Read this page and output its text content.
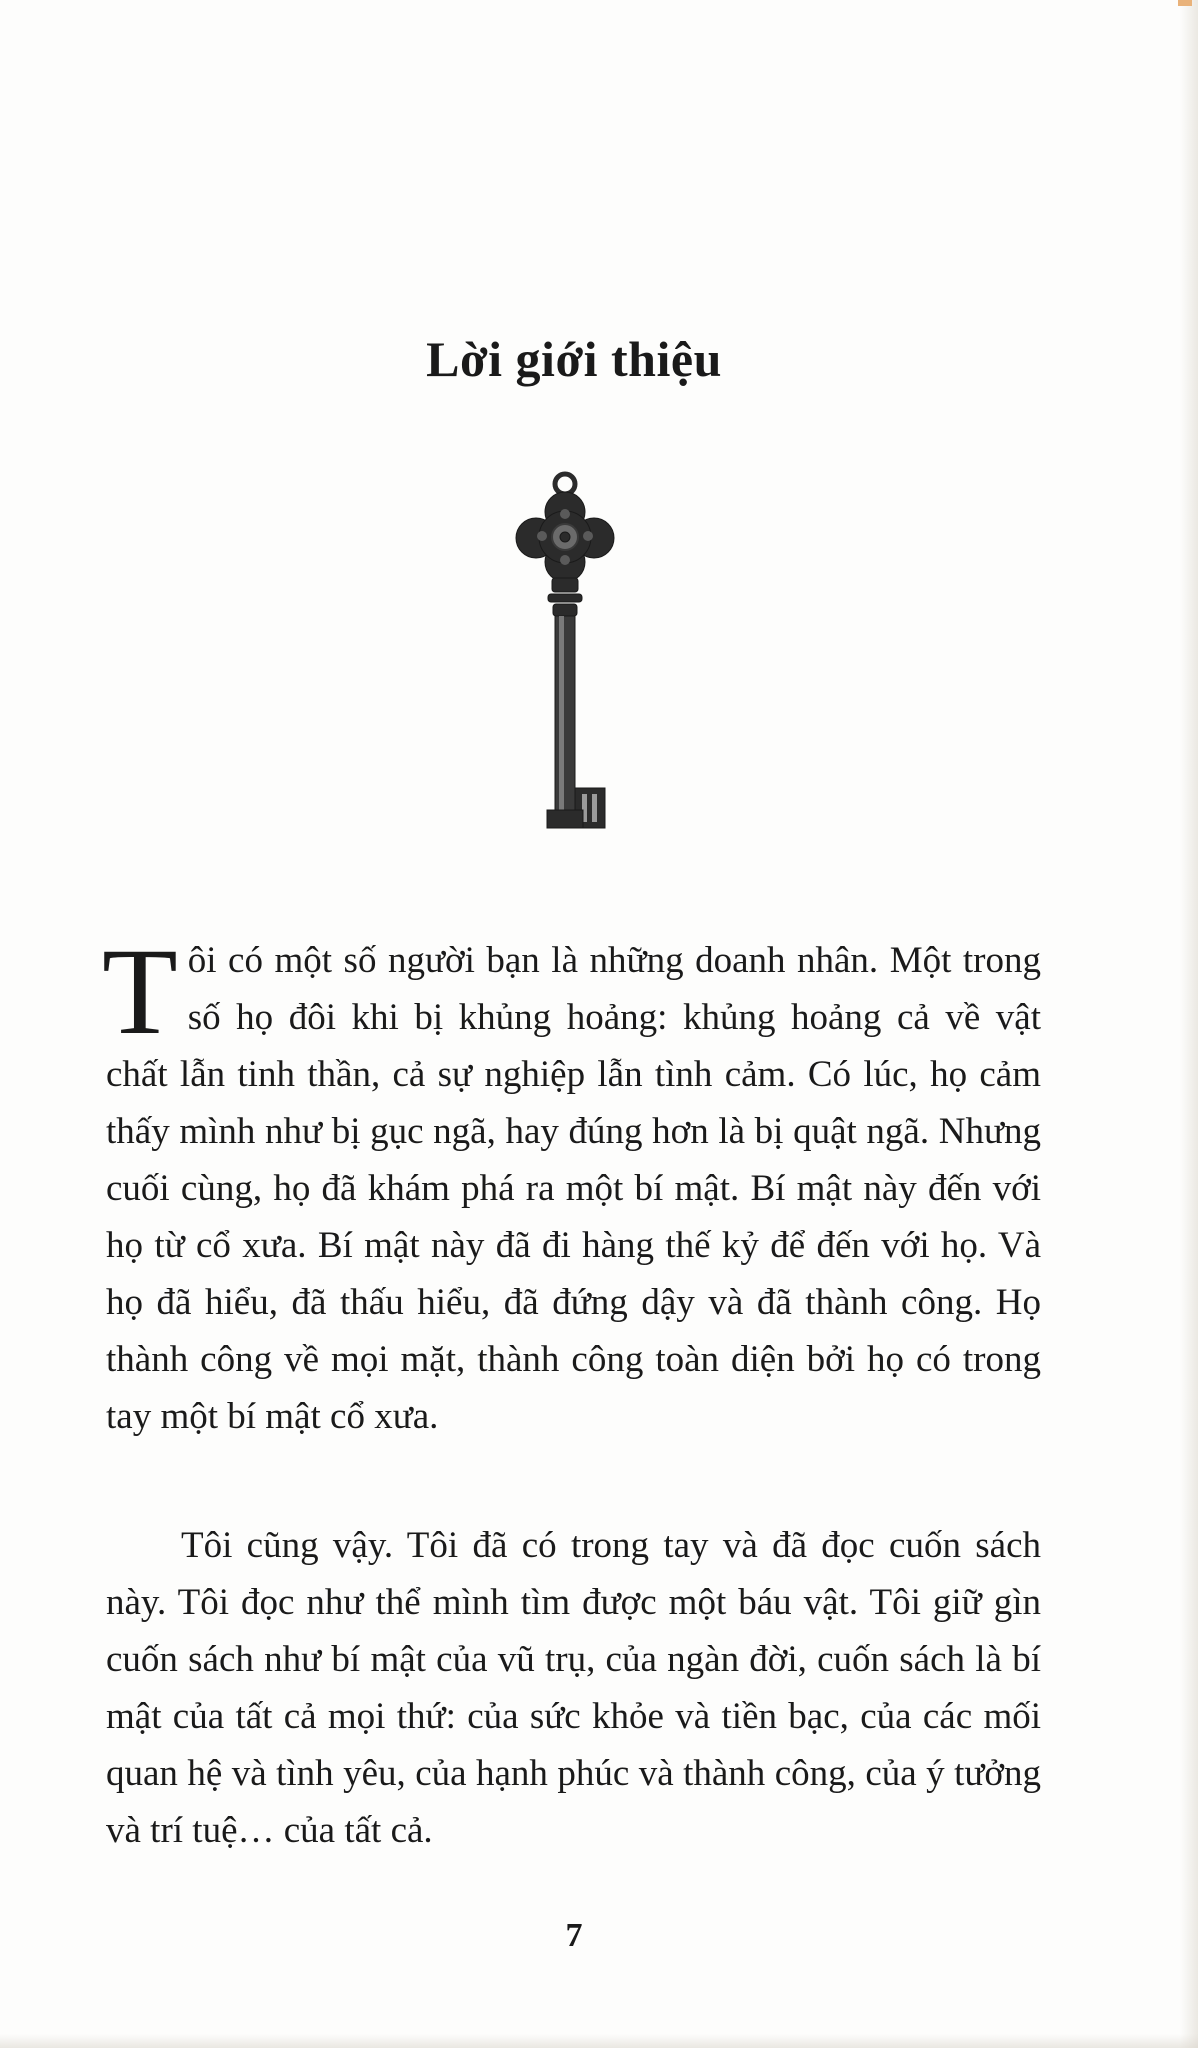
Lời giới thiệu

Tôi có một số người bạn là những doanh nhân. Một trong số họ đôi khi bị khủng hoảng: khủng hoảng cả về vật chất lẫn tinh thần, cả sự nghiệp lẫn tình cảm. Có lúc, họ cảm thấy mình như bị gục ngã, hay đúng hơn là bị quật ngã. Nhưng cuối cùng, họ đã khám phá ra một bí mật. Bí mật này đến với họ từ cổ xưa. Bí mật này đã đi hàng thế kỷ để đến với họ. Và họ đã hiểu, đã thấu hiểu, đã đứng dậy và đã thành công. Họ thành công về mọi mặt, thành công toàn diện bởi họ có trong tay một bí mật cổ xưa.

Tôi cũng vậy. Tôi đã có trong tay và đã đọc cuốn sách này. Tôi đọc như thể mình tìm được một báu vật. Tôi giữ gìn cuốn sách như bí mật của vũ trụ, của ngàn đời, cuốn sách là bí mật của tất cả mọi thứ: của sức khỏe và tiền bạc, của các mối quan hệ và tình yêu, của hạnh phúc và thành công, của ý tưởng và trí tuệ… của tất cả.

7
